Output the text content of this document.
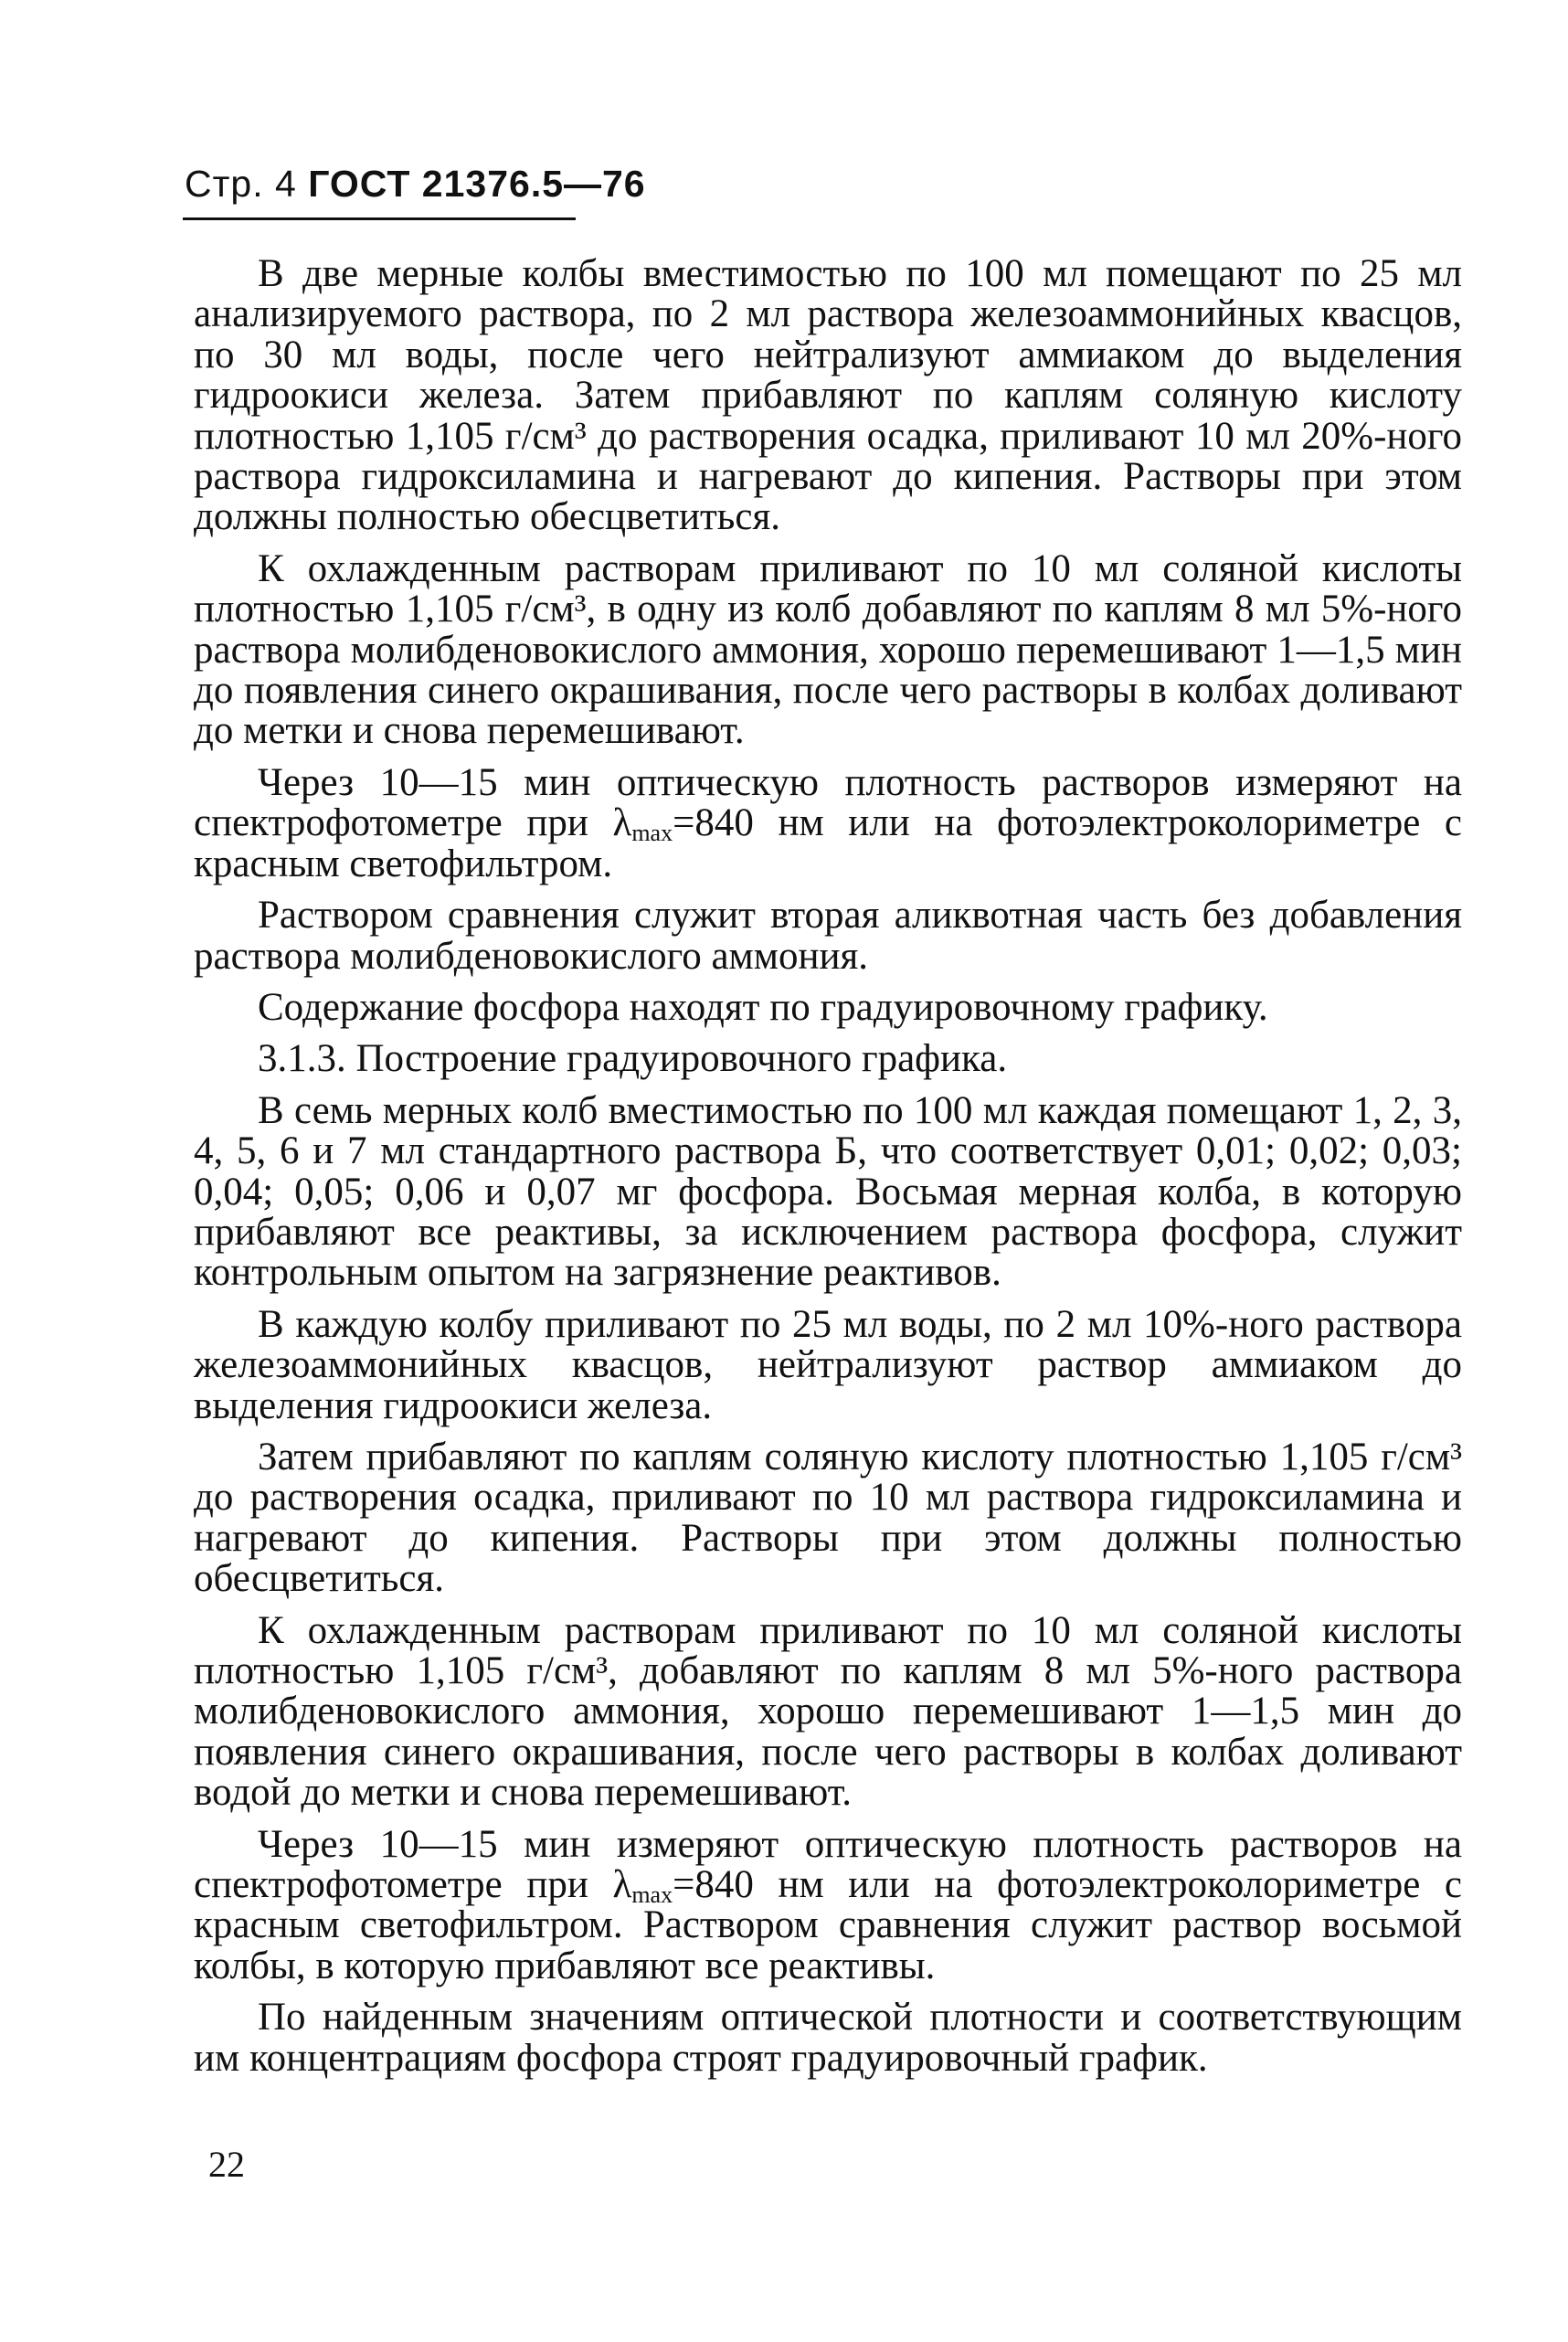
Стр. 4 ГОСТ 21376.5—76

В две мерные колбы вместимостью по 100 мл помещают по 25 мл анализируемого раствора, по 2 мл раствора железоаммонийных квасцов, по 30 мл воды, после чего нейтрализуют аммиаком до выделения гидроокиси железа. Затем прибавляют по каплям соляную кислоту плотностью 1,105 г/см³ до растворения осадка, приливают 10 мл 20%-ного раствора гидроксиламина и нагревают до кипения. Растворы при этом должны полностью обесцветиться.

К охлажденным растворам приливают по 10 мл соляной кислоты плотностью 1,105 г/см³, в одну из колб добавляют по каплям 8 мл 5%-ного раствора молибденовокислого аммония, хорошо перемешивают 1—1,5 мин до появления синего окрашивания, после чего растворы в колбах доливают до метки и снова перемешивают.

Через 10—15 мин оптическую плотность растворов измеряют на спектрофотометре при $\lambda_{max}=840$ нм или на фотоэлектроколориметре с красным светофильтром.

Раствором сравнения служит вторая аликвотная часть без добавления раствора молибденовокислого аммония.

Содержание фосфора находят по градуировочному графику.

3.1.3. Построение градуировочного графика.

В семь мерных колб вместимостью по 100 мл каждая помещают 1, 2, 3, 4, 5, 6 и 7 мл стандартного раствора Б, что соответствует 0,01; 0,02; 0,03; 0,04; 0,05; 0,06 и 0,07 мг фосфора. Восьмая мерная колба, в которую прибавляют все реактивы, за исключением раствора фосфора, служит контрольным опытом на загрязнение реактивов.

В каждую колбу приливают по 25 мл воды, по 2 мл 10%-ного раствора железоаммонийных квасцов, нейтрализуют раствор аммиаком до выделения гидроокиси железа.

Затем прибавляют по каплям соляную кислоту плотностью 1,105 г/см³ до растворения осадка, приливают по 10 мл раствора гидроксиламина и нагревают до кипения. Растворы при этом должны полностью обесцветиться.

К охлажденным растворам приливают по 10 мл соляной кислоты плотностью 1,105 г/см³, добавляют по каплям 8 мл 5%-ного раствора молибденовокислого аммония, хорошо перемешивают 1—1,5 мин до появления синего окрашивания, после чего растворы в колбах доливают водой до метки и снова перемешивают.

Через 10—15 мин измеряют оптическую плотность растворов на спектрофотометре при $\lambda_{max}=840$ нм или на фотоэлектроколориметре с красным светофильтром. Раствором сравнения служит раствор восьмой колбы, в которую прибавляют все реактивы.

По найденным значениям оптической плотности и соответствующим им концентрациям фосфора строят градуировочный график.

22
